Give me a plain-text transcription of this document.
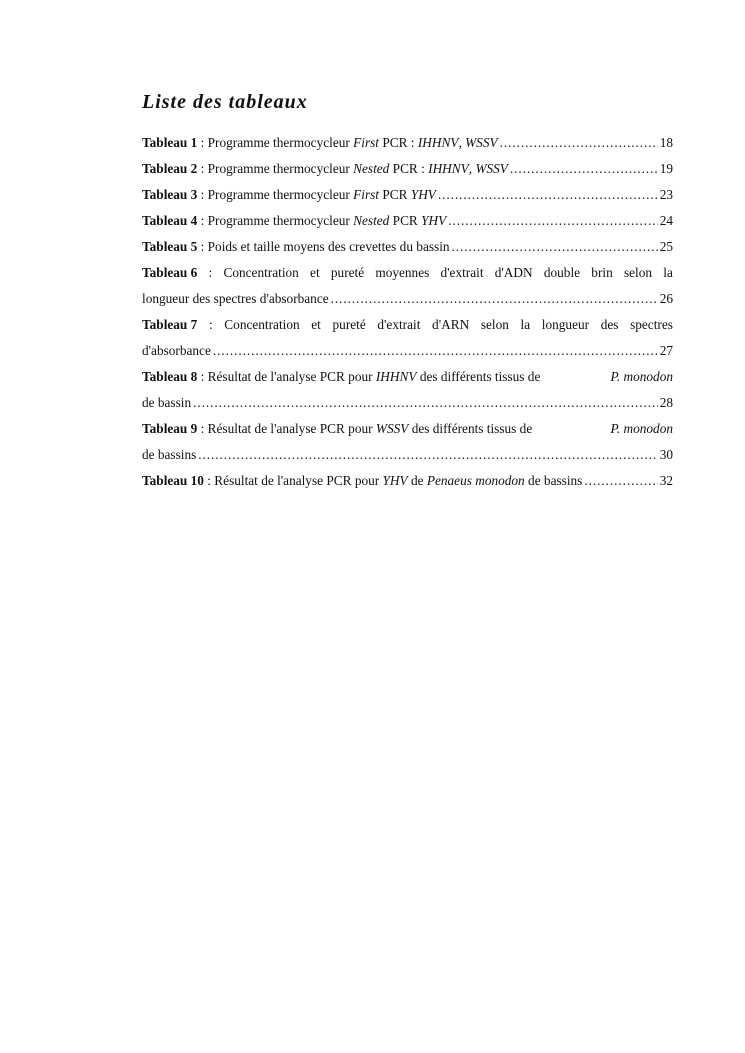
Liste des tableaux
Tableau 1 : Programme thermocycleur First PCR : IHHNV, WSSV . . .	18
Tableau 2 : Programme thermocycleur Nested PCR : IHHNV, WSSV . . .	19
Tableau 3 : Programme thermocycleur First PCR YHV . . .	23
Tableau 4 : Programme thermocycleur Nested PCR YHV . . .	24
Tableau 5 : Poids et taille moyens des crevettes du bassin . . .	25
Tableau 6 : Concentration et pureté moyennes d'extrait d'ADN double brin selon la
longueur des spectres d'absorbance . . .	26
Tableau 7 : Concentration et pureté d'extrait d'ARN selon la longueur des spectres
d'absorbance . . .	27
Tableau 8 : Résultat de l'analyse PCR pour IHHNV des différents tissus de	P. monodon
de bassin . . .	28
Tableau 9 : Résultat de l'analyse PCR pour WSSV des différents tissus de	P. monodon
de bassins . . .	30
Tableau 10 : Résultat de l'analyse PCR pour YHV de Penaeus monodon de bassins . . .	32
